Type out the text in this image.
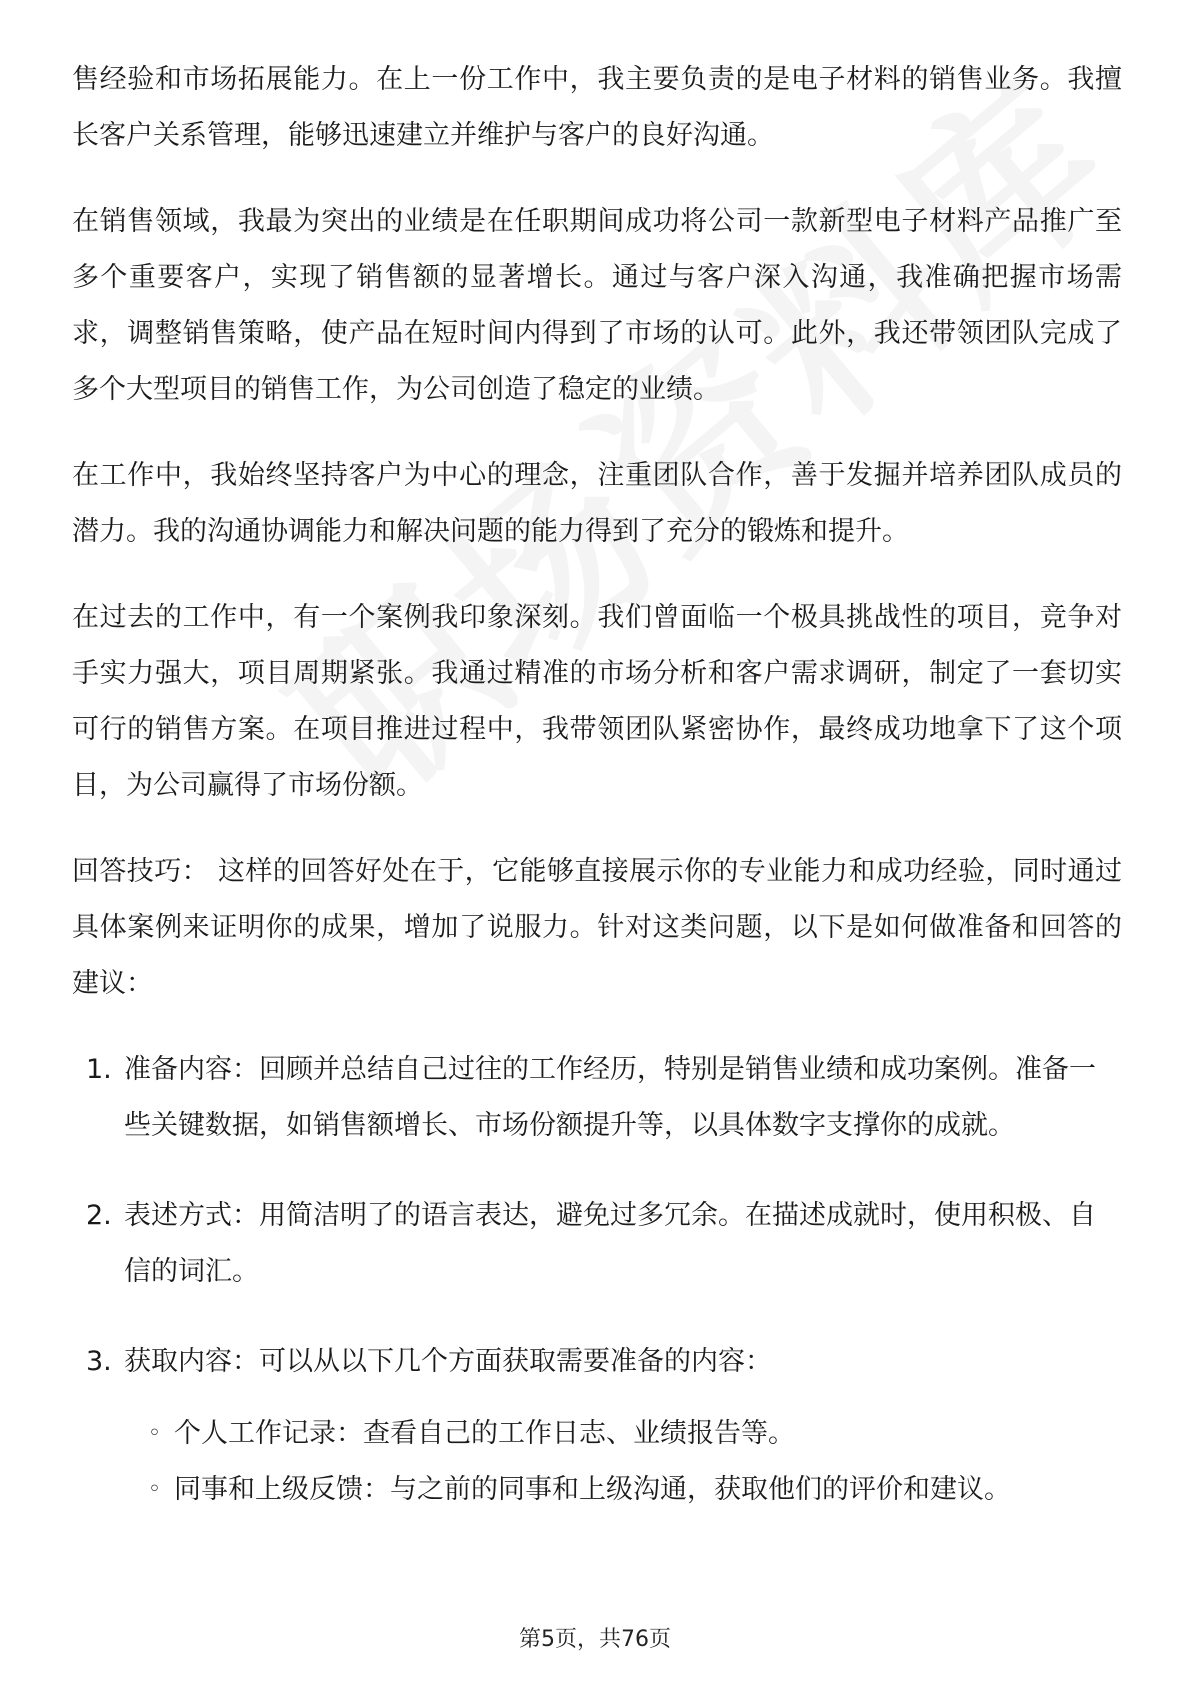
售经验和市场拓展能力。在上一份工作中，我主要负责的是电子材料的销售业务。我擅长客户关系管理，能够迅速建立并维护与客户的良好沟通。

在销售领域，我最为突出的业绩是在任职期间成功将公司一款新型电子材料产品推广至多个重要客户，实现了销售额的显著增长。通过与客户深入沟通，我准确把握市场需求，调整销售策略，使产品在短时间内得到了市场的认可。此外，我还带领团队完成了多个大型项目的销售工作，为公司创造了稳定的业绩。

在工作中，我始终坚持客户为中心的理念，注重团队合作，善于发掘并培养团队成员的潜力。我的沟通协调能力和解决问题的能力得到了充分的锻炼和提升。

在过去的工作中，有一个案例我印象深刻。我们曾面临一个极具挑战性的项目，竞争对手实力强大，项目周期紧张。我通过精准的市场分析和客户需求调研，制定了一套切实可行的销售方案。在项目推进过程中，我带领团队紧密协作，最终成功地拿下了这个项目，为公司赢得了市场份额。

回答技巧： 这样的回答好处在于，它能够直接展示你的专业能力和成功经验，同时通过具体案例来证明你的成果，增加了说服力。针对这类问题，以下是如何做准备和回答的建议：

1. 准备内容：回顾并总结自己过往的工作经历，特别是销售业绩和成功案例。准备一些关键数据，如销售额增长、市场份额提升等，以具体数字支撑你的成就。
2. 表述方式：用简洁明了的语言表达，避免过多冗余。在描述成就时，使用积极、自信的词汇。
3. 获取内容：可以从以下几个方面获取需要准备的内容：
◦ 个人工作记录：查看自己的工作日志、业绩报告等。
◦ 同事和上级反馈：与之前的同事和上级沟通，获取他们的评价和建议。
第5页，共76页
